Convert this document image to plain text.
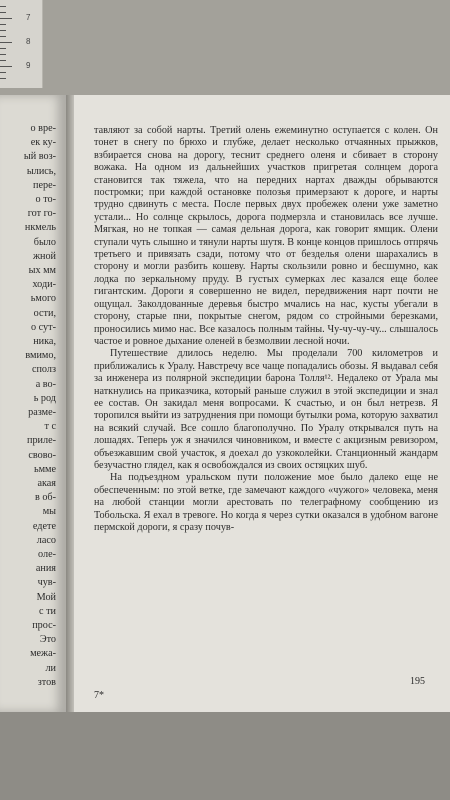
7
8
9
о вре-
ек ку-
ый воз-
ылись,
пере-
о то-
гот го-
нкмель
было
жной
ых мм
ходи-
ьмого
ости,
о сут-
ника,
вмимо,
сполз
а во-
ь род
разме-
т с
приле-
свово-
ьмме
акая
в об-
мы
едете
ласо
оле-
ания
чув-
Мой
с ти
прос-
Это
межа-
ли
зтов

тавляют за собой нарты. Третий олень ежеминутно оступается с колен. Он тонет в снегу по брюхо и глубже, делает несколько отчаянных прыжков, взбирается снова на дорогу, теснит среднего оленя и сбивает в сторону вожака. На одном из дальнейших участков пригретая солнцем дорога становится так тяжела, что на передних нартах дважды обрываются постромки; при каждой остановке полозья примерзают к дороге, и нарты трудно сдвинуть с места. После первых двух пробежек олени уже заметно устали... Но солнце скрылось, дорога подмерзла и становилась все лучше. Мягкая, но не топкая — самая дельная дорога, как говорит ямщик. Олени ступали чуть слышно и тянули нарты шутя. В конце концов пришлось отпрячь третьего и привязать сзади, потому что от безделья олени шарахались в сторону и могли разбить кошеву. Нарты скользили ровно и бесшумно, как лодка по зеркальному пруду. В густых сумерках лес казался еще более гигантским. Дороги я совершенно не видел, передвижения нарт почти не ощущал. Заколдованные деревья быстро мчались на нас, кусты убегали в сторону, старые пни, покрытые снегом, рядом со стройными березками, проносились мимо нас. Все казалось полным тайны. Чу-чу-чу-чу... слышалось частое и ровное дыхание оленей в безмолвии лесной ночи.

Путешествие длилось неделю. Мы проделали 700 километров и приближались к Уралу. Навстречу все чаще попадались обозы. Я выдавал себя за инженера из полярной экспедиции барона Толля¹². Недалеко от Урала мы наткнулись на приказчика, который раньше служил в этой экспедиции и знал ее состав. Он закидал меня вопросами. К счастью, и он был нетрезв. Я торопился выйти из затруднения при помощи бутылки рома, которую захватил на всякий случай. Все сошло благополучно. По Уралу открывался путь на лошадях. Теперь уж я значился чиновником, и вместе с акцизным ревизором, объезжавшим свой участок, я доехал до узкоколейки. Станционный жандарм безучастно глядел, как я освобождался из своих остяцких шуб.

На подъездном уральском пути положение мое было далеко еще не обеспеченным: по этой ветке, где замечают каждого «чужого» человека, меня на любой станции могли арестовать по телеграфному сообщению из Тобольска. Я ехал в тревоге. Но когда я через сутки оказался в удобном вагоне пермской дороги, я сразу почув-

7*
195
